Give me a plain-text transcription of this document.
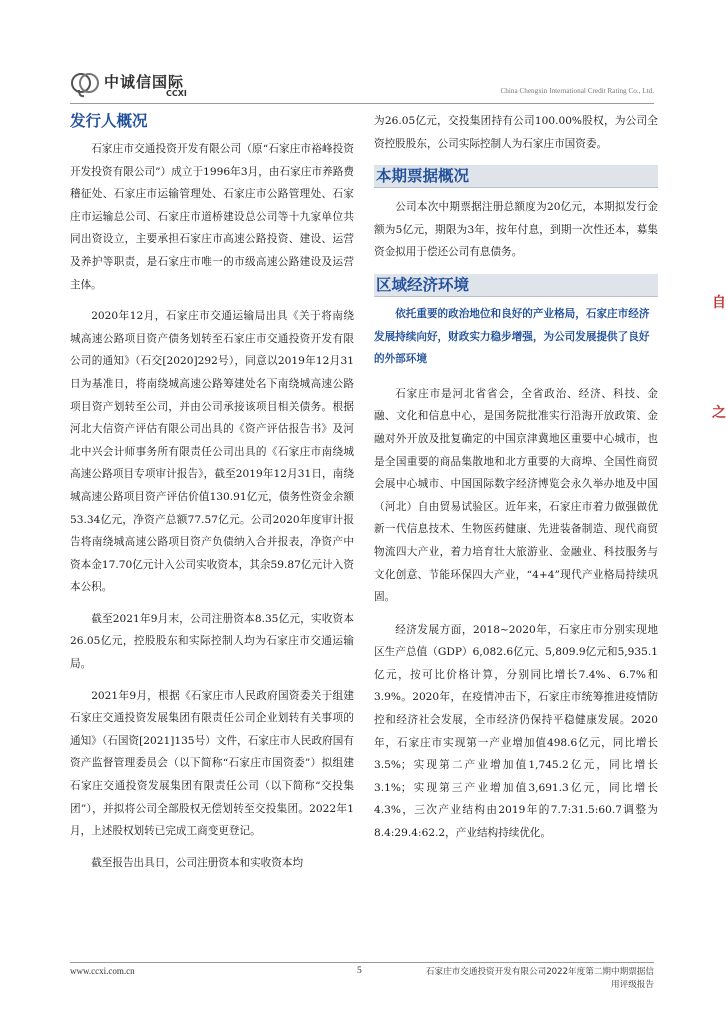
中诚信国际
CCXI	China Chengxin International Credit Rating Co., Ltd.
发行人概况

石家庄市交通投资开发有限公司（原“石家庄市裕峰投资开发投资有限公司”）成立于1996年3月，由石家庄市养路费稽征处、石家庄市运输管理处、石家庄市公路管理处、石家庄市运输总公司、石家庄市道桥建设总公司等十九家单位共同出资设立，主要承担石家庄市高速公路投资、建设、运营及养护等职责，是石家庄市唯一的市级高速公路建设及运营主体。

2020年12月，石家庄市交通运输局出具《关于将南绕城高速公路项目资产债务划转至石家庄市交通投资开发有限公司的通知》（石交[2020]292号），同意以2019年12月31日为基准日，将南绕城高速公路筹建处名下南绕城高速公路项目资产划转至公司，并由公司承接该项目相关债务。根据河北大信资产评估有限公司出具的《资产评估报告书》及河北中兴会计师事务所有限责任公司出具的《石家庄市南绕城高速公路项目专项审计报告》，截至2019年12月31日，南绕城高速公路项目资产评估价值130.91亿元，债务性资金余额53.34亿元，净资产总额77.57亿元。公司2020年度审计报告将南绕城高速公路项目资产负债纳入合并报表，净资产中资本金17.70亿元计入公司实收资本，其余59.87亿元计入资本公积。

截至2021年9月末，公司注册资本8.35亿元，实收资本26.05亿元，控股股东和实际控制人均为石家庄市交通运输局。

2021年9月，根据《石家庄市人民政府国资委关于组建石家庄交通投资发展集团有限责任公司企业划转有关事项的通知》（石国资[2021]135号）文件，石家庄市人民政府国有资产监督管理委员会（以下简称“石家庄市国资委”）拟组建石家庄交通投资发展集团有限责任公司（以下简称“交投集团”），并拟将公司全部股权无偿划转至交投集团。2022年1月，上述股权划转已完成工商变更登记。

截至报告出具日，公司注册资本和实收资本均

为26.05亿元，交投集团持有公司100.00%股权，为公司全资控股股东，公司实际控制人为石家庄市国资委。

本期票据概况

公司本次中期票据注册总额度为20亿元，本期拟发行金额为5亿元，期限为3年，按年付息，到期一次性还本，募集资金拟用于偿还公司有息债务。

区域经济环境

依托重要的政治地位和良好的产业格局，石家庄市经济发展持续向好，财政实力稳步增强，为公司发展提供了良好的外部环境

石家庄市是河北省省会，全省政治、经济、科技、金融、文化和信息中心，是国务院批准实行沿海开放政策、金融对外开放及批复确定的中国京津冀地区重要中心城市，也是全国重要的商品集散地和北方重要的大商埠、全国性商贸会展中心城市、中国国际数字经济博览会永久举办地及中国（河北）自由贸易试验区。近年来，石家庄市着力做强做优新一代信息技术、生物医药健康、先进装备制造、现代商贸物流四大产业，着力培育壮大旅游业、金融业、科技服务与文化创意、节能环保四大产业，“4+4”现代产业格局持续巩固。

经济发展方面，2018~2020年，石家庄市分别实现地区生产总值（GDP）6,082.6亿元、5,809.9亿元和5,935.1亿元，按可比价格计算，分别同比增长7.4%、6.7%和3.9%。2020年，在疫情冲击下，石家庄市统筹推进疫情防控和经济社会发展，全市经济仍保持平稳健康发展。2020年，石家庄市实现第一产业增加值498.6亿元，同比增长3.5%；实现第二产业增加值1,745.2亿元，同比增长3.1%；实现第三产业增加值3,691.3亿元，同比增长4.3%，三次产业结构由2019年的7.7:31.5:60.7调整为8.4:29.4:62.2，产业结构持续优化。

自
之
www.ccxi.com.cn	5	石家庄市交通投资开发有限公司2022年度第二期中期票据信用评级报告
